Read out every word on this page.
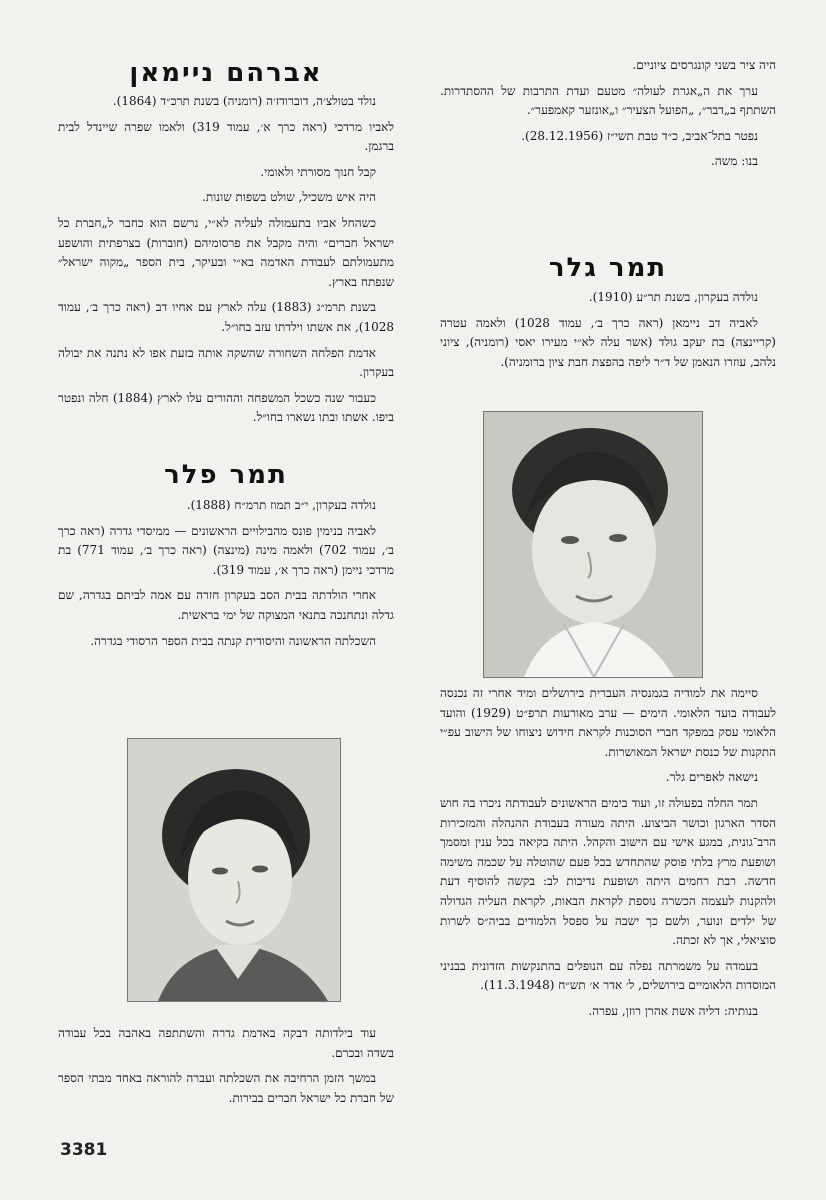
היה ציר בשני קונגרסים ציוניים.

ערך את ה„אגרת לעולה״ מטעם ועדת התרבות של ההסתדרות. השתתף ב„דבר״, „הפועל הצעיר״ ו„אונזער קאמפער״.

נפטר בתל־אביב, כ״ד טבת תשי״ז (28.12.1956).

בנו: משה.

תמר גלר

נולדה בעקרון, בשנת תר״ע (1910).

לאביה דב ניימאן (ראה כרך ב׳, עמוד 1028) ולאמה עטרה (קריינצה) בת יעקב גולד (אשר עלה לא״י מעירו יאסי (רומניה), ציוני נלהב, עוזרו הנאמן של ד״ר ליפה בהפצת חבת ציון ברומניה).

סיימה את למודיה בגמנסיה העברית בירושלים ומיד אחרי זה נכנסה לעבודה בועד הלאומי. הימים — ערב מאורעות תרפ״ט (1929) והועד הלאומי עסק במפקד חברי הסוכנות לקראת חידוש ניצוחו של הישוב עפ״י התקנות של כנסת ישראל המאושרות.

נישאה לאפרים גלר.

תמר החלה בפעולה זו, ועוד בימים הראשונים לעבודתה ניכרו בה חוש הסדר הארגון וכושר הביצוע. היתה מעורה בעבודת ההנהלה והמזכירות הרב־גונית, במגע אישי עם הישוב והקהל. היתה בקיאה בכל ענין ומסמך ושופעת מרץ בלתי פוסק שהתחדש בכל פעם שהוטלה על שכמה משימה חדשה. רבת רחמים היתה ושופעת נדיבות לב: בקשה להוסיף דעת ולהקנות לעצמה הכשרה נוספת לקראת הבאות, לקראת העליה הגדולה של ילדים ונוער, ולשם כך ישבה על ספסל הלמודים בביה״ס לשרות סוציאלי, אך לא זכתה.

בעמדה על משמרתה נפלה עם הנופלים בהתנקשות הזדונית בבניני המוסדות הלאומיים בירושלים, ל׳ אדר א׳ תש״ח (11.3.1948).

בנותיה: דליה אשת אהרן רוזן, עפרה.

אברהם ניימאן

נולד בטולצ׳ה, דוברודז׳ה (רומניה) בשנת תרכ״ד (1864).

לאביו מרדכי (ראה כרך א׳, עמוד 319) ולאמו שפרה שיינדל לבית ברגמן.

קבל חנוך מסורתי ולאומי.

היה איש משכיל, שולט בשפות שונות.

כשהחל אביו בתעמולה לעליה לא״י, נרשם הוא כחבר ל„חברת כל ישראל חברים״ והיה מקבל את פרסומיהם (חוברות) בצרפתית והושפע מתעמולתם לעבודת האדמה בא״י ובעיקר, בית הספר „מקוה ישראל״ שנפתח בארץ.

בשנת תרמ״ג (1883) עלה לארץ עם אחיו דב (ראה כרך ב׳, עמוד 1028), את אשתו וילדתו עזב בחו״ל.

אדמת הפלחה השחורה שהשקה אותה בזעת אפו לא נתנה את יבולה בעקרון.

כעבור שנה כשכל המשפחה וההורים עלו לארץ (1884) חלה ונפטר ביפו. אשתו ובתו נשארו בחו״ל.

תמר פלר

נולדה בעקרון, י״ב תמוז תרמ״ח (1888).

לאביה בנימין פונס מהבילויים הראשונים — ממיסדי גדרה (ראה כרך ב׳, עמוד 702) ולאמה מינה (מינצה) (ראה כרך ב׳, עמוד 771) בת מרדכי ניימן (ראה כרך א׳, עמוד 319).

אחרי הולדתה בבית הסב בעקרון חזרה עם אמה לביתם בגדרה, שם גדלה ונתחנכה בתנאי המצוקה של ימי בראשית.

השכלתה הראשונה והיסודית קנתה בבית הספר הרסודי בגדרה.

עוד בילדותה דבקה באדמת גדרה והשתתפה באהבה בכל עבודה בשדה ובכרם.

במשך הזמן הרחיבה את השכלתה ועברה להוראה באחד מבתי הספר של חברת כל ישראל חברים בבירות.

3381
